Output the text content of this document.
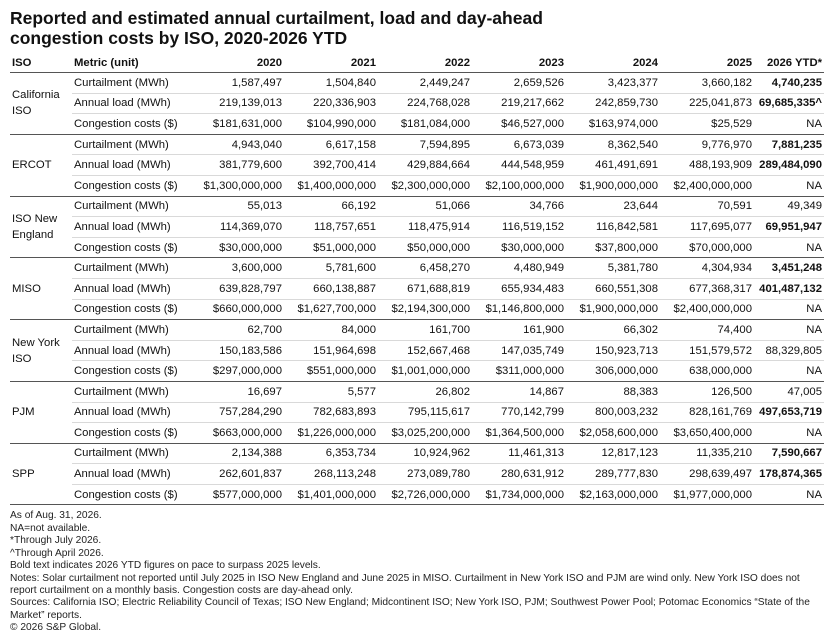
Reported and estimated annual curtailment, load and day-ahead
congestion costs by ISO, 2020-2026 YTD
ISO	Metric (unit)	2020	2021	2022	2023	2024	2025	2026 YTD*
California ISO	Curtailment (MWh)	1,587,497	1,504,840	2,449,247	2,659,526	3,423,377	3,660,182	4,740,235
	Annual load (MWh)	219,139,013	220,336,903	224,768,028	219,217,662	242,859,730	225,041,873	69,685,335^
	Congestion costs ($)	$181,631,000	$104,990,000	$181,084,000	$46,527,000	$163,974,000	$25,529	NA
ERCOT	Curtailment (MWh)	4,943,040	6,617,158	7,594,895	6,673,039	8,362,540	9,776,970	7,881,235
	Annual load (MWh)	381,779,600	392,700,414	429,884,664	444,548,959	461,491,691	488,193,909	289,484,090
	Congestion costs ($)	$1,300,000,000	$1,400,000,000	$2,300,000,000	$2,100,000,000	$1,900,000,000	$2,400,000,000	NA
ISO New England	Curtailment (MWh)	55,013	66,192	51,066	34,766	23,644	70,591	49,349
	Annual load (MWh)	114,369,070	118,757,651	118,475,914	116,519,152	116,842,581	117,695,077	69,951,947
	Congestion costs ($)	$30,000,000	$51,000,000	$50,000,000	$30,000,000	$37,800,000	$70,000,000	NA
MISO	Curtailment (MWh)	3,600,000	5,781,600	6,458,270	4,480,949	5,381,780	4,304,934	3,451,248
	Annual load (MWh)	639,828,797	660,138,887	671,688,819	655,934,483	660,551,308	677,368,317	401,487,132
	Congestion costs ($)	$660,000,000	$1,627,700,000	$2,194,300,000	$1,146,800,000	$1,900,000,000	$2,400,000,000	NA
New York ISO	Curtailment (MWh)	62,700	84,000	161,700	161,900	66,302	74,400	NA
	Annual load (MWh)	150,183,586	151,964,698	152,667,468	147,035,749	150,923,713	151,579,572	88,329,805
	Congestion costs ($)	$297,000,000	$551,000,000	$1,001,000,000	$311,000,000	306,000,000	638,000,000	NA
PJM	Curtailment (MWh)	16,697	5,577	26,802	14,867	88,383	126,500	47,005
	Annual load (MWh)	757,284,290	782,683,893	795,115,617	770,142,799	800,003,232	828,161,769	497,653,719
	Congestion costs ($)	$663,000,000	$1,226,000,000	$3,025,200,000	$1,364,500,000	$2,058,600,000	$3,650,400,000	NA
SPP	Curtailment (MWh)	2,134,388	6,353,734	10,924,962	11,461,313	12,817,123	11,335,210	7,590,667
	Annual load (MWh)	262,601,837	268,113,248	273,089,780	280,631,912	289,777,830	298,639,497	178,874,365
	Congestion costs ($)	$577,000,000	$1,401,000,000	$2,726,000,000	$1,734,000,000	$2,163,000,000	$1,977,000,000	NA
As of Aug. 31, 2026.
NA=not available.
*Through July 2026.
^Through April 2026.
Bold text indicates 2026 YTD figures on pace to surpass 2025 levels.
Notes: Solar curtailment not reported until July 2025 in ISO New England and June 2025 in MISO. Curtailment in New York ISO and PJM are wind only. New York ISO does not report curtailment on a monthly basis. Congestion costs are day-ahead only.
Sources: California ISO; Electric Reliability Council of Texas; ISO New England; Midcontinent ISO; New York ISO, PJM; Southwest Power Pool; Potomac Economics “State of the Market” reports.
© 2026 S&P Global.
